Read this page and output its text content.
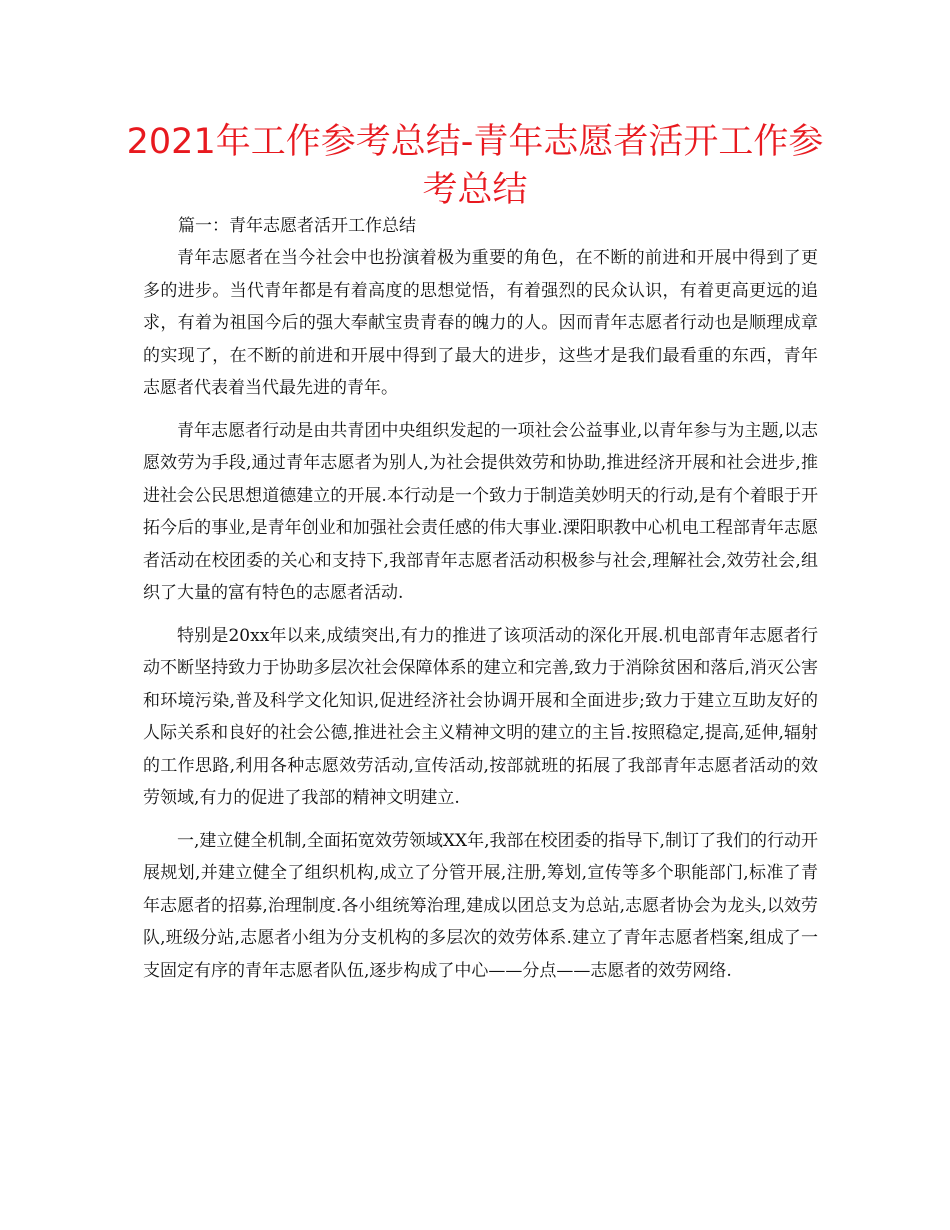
2021年工作参考总结-青年志愿者活开工作参考总结

篇一：青年志愿者活开工作总结

青年志愿者在当今社会中也扮演着极为重要的角色，在不断的前进和开展中得到了更多的进步。当代青年都是有着高度的思想觉悟，有着强烈的民众认识，有着更高更远的追求，有着为祖国今后的强大奉献宝贵青春的魄力的人。因而青年志愿者行动也是顺理成章的实现了，在不断的前进和开展中得到了最大的进步，这些才是我们最看重的东西，青年志愿者代表着当代最先进的青年。

青年志愿者行动是由共青团中央组织发起的一项社会公益事业,以青年参与为主题,以志愿效劳为手段,通过青年志愿者为别人,为社会提供效劳和协助,推进经济开展和社会进步,推进社会公民思想道德建立的开展.本行动是一个致力于制造美妙明天的行动,是有个着眼于开拓今后的事业,是青年创业和加强社会责任感的伟大事业.溧阳职教中心机电工程部青年志愿者活动在校团委的关心和支持下,我部青年志愿者活动积极参与社会,理解社会,效劳社会,组织了大量的富有特色的志愿者活动.

特别是20xx年以来,成绩突出,有力的推进了该项活动的深化开展.机电部青年志愿者行动不断坚持致力于协助多层次社会保障体系的建立和完善,致力于消除贫困和落后,消灭公害和环境污染,普及科学文化知识,促进经济社会协调开展和全面进步;致力于建立互助友好的人际关系和良好的社会公德,推进社会主义精神文明的建立的主旨.按照稳定,提高,延伸,辐射的工作思路,利用各种志愿效劳活动,宣传活动,按部就班的拓展了我部青年志愿者活动的效劳领域,有力的促进了我部的精神文明建立.

一,建立健全机制,全面拓宽效劳领域XX年,我部在校团委的指导下,制订了我们的行动开展规划,并建立健全了组织机构,成立了分管开展,注册,筹划,宣传等多个职能部门,标准了青年志愿者的招募,治理制度.各小组统筹治理,建成以团总支为总站,志愿者协会为龙头,以效劳队,班级分站,志愿者小组为分支机构的多层次的效劳体系.建立了青年志愿者档案,组成了一支固定有序的青年志愿者队伍,逐步构成了中心——分点——志愿者的效劳网络.
